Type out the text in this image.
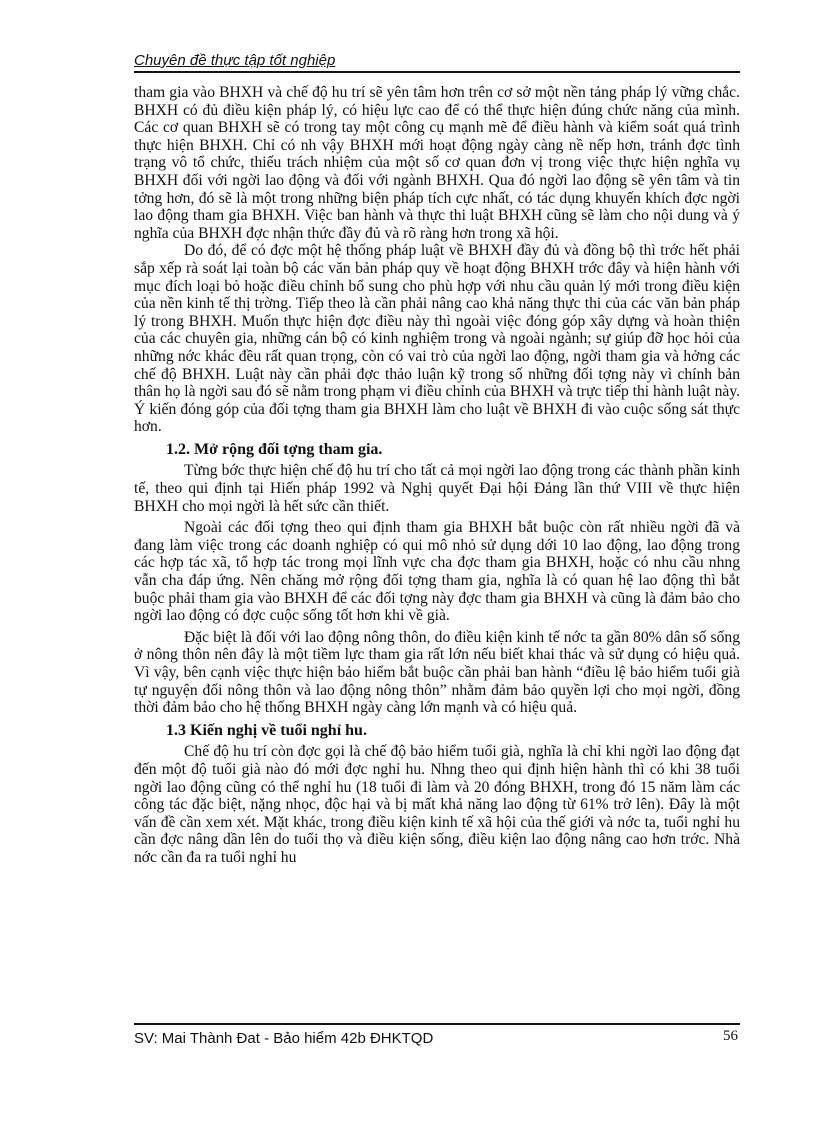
Chuyên đề thực tập tốt nghiệp

tham gia vào BHXH và chế độ hu trí sẽ yên tâm hơn trên cơ sở một nền tảng pháp lý vững chắc. BHXH có đủ điều kiện pháp lý, có hiệu lực cao để có thể thực hiện đúng chức năng của mình. Các cơ quan BHXH sẽ có trong tay một công cụ mạnh mẽ để điều hành và kiểm soát quá trình thực hiện BHXH. Chỉ có nh vậy BHXH mới hoạt động ngày càng nề nếp hơn, tránh đợc tình trạng vô tổ chức, thiếu trách nhiệm của một số cơ quan đơn vị trong việc thực hiện nghĩa vụ BHXH đối với ngời lao động và đối với ngành BHXH. Qua đó ngời lao động sẽ yên tâm và tin tởng hơn, đó sẽ là một trong những biện pháp tích cực nhất, có tác dụng khuyến khích đợc ngời lao động tham gia BHXH. Việc ban hành và thực thi luật BHXH cũng sẽ làm cho nội dung và ý nghĩa của BHXH đợc nhận thức đầy đủ và rõ ràng hơn trong xã hội.

Do đó, để có đợc một hệ thống pháp luật về BHXH đầy đủ và đồng bộ thì trớc hết phải sắp xếp rà soát lại toàn bộ các văn bản pháp quy về hoạt động BHXH trớc đây và hiện hành với mục đích loại bỏ hoặc điều chỉnh bổ sung cho phù hợp với nhu cầu quản lý mới trong điều kiện của nền kinh tế thị trờng. Tiếp theo là cần phải nâng cao khả năng thực thi của các văn bản pháp lý trong BHXH. Muốn thực hiện đợc điều này thì ngoài việc đóng góp xây dựng và hoàn thiện của các chuyên gia, những cán bộ có kinh nghiệm trong và ngoài ngành; sự giúp đỡ học hỏi của những nớc khác đều rất quan trọng, còn có vai trò của ngời lao động, ngời tham gia và hởng các chế độ BHXH. Luật này cần phải đợc thảo luận kỹ trong số những đối tợng này vì chính bản thân họ là ngời sau đó sẽ nằm trong phạm vi điều chỉnh của BHXH và trực tiếp thi hành luật này. Ý kiến đóng góp của đối tợng tham gia BHXH làm cho luật về BHXH đi vào cuộc sống sát thực hơn.

1.2. Mở rộng đối tợng tham gia.

Từng bớc thực hiện chế độ hu trí cho tất cả mọi ngời lao động trong các thành phần kinh tế, theo qui định tại Hiến pháp 1992 và Nghị quyết Đại hội Đảng lần thứ VIII về thực hiện BHXH cho mọi ngời là hết sức cần thiết.

Ngoài các đối tợng theo qui định tham gia BHXH bắt buộc còn rất nhiều ngời đã và đang làm việc trong các doanh nghiệp có qui mô nhỏ sử dụng dới 10 lao động, lao động trong các hợp tác xã, tổ hợp tác trong mọi lĩnh vực cha đợc tham gia BHXH, hoặc có nhu cầu nhng vẫn cha đáp ứng. Nên chăng mở rộng đối tợng tham gia, nghĩa là có quan hệ lao động thì bắt buộc phải tham gia vào BHXH để các đối tợng này đợc tham gia BHXH và cũng là đảm bảo cho ngời lao động có đợc cuộc sống tốt hơn khi về già.

Đặc biệt là đối với lao động nông thôn, do điều kiện kinh tế nớc ta gần 80% dân số sống ở nông thôn nên đây là một tiềm lực tham gia rất lớn nếu biết khai thác và sử dụng có hiệu quả. Vì vậy, bên cạnh việc thực hiện bảo hiểm bắt buộc cần phải ban hành “điều lệ bảo hiểm tuổi già tự nguyện đối nông thôn và lao động nông thôn” nhằm đảm bảo quyền lợi cho mọi ngời, đồng thời đảm bảo cho hệ thống BHXH ngày càng lớn mạnh và có hiệu quả.

1.3 Kiến nghị về tuổi nghỉ hu.

Chế độ hu trí còn đợc gọi là chế độ bảo hiểm tuổi già, nghĩa là chỉ khi ngời lao động đạt đến một độ tuổi già nào đó mới đợc nghỉ hu. Nhng theo qui định hiện hành thì có khi 38 tuổi ngời lao động cũng có thể nghỉ hu (18 tuổi đi làm và 20 đóng BHXH, trong đó 15 năm làm các công tác đặc biệt, nặng nhọc, độc hại và bị mất khả năng lao động từ 61% trở lên). Đây là một vấn đề cần xem xét. Mặt khác, trong điều kiện kinh tế xã hội của thế giới và nớc ta, tuổi nghỉ hu cần đợc nâng dần lên do tuổi thọ và điều kiện sống, điều kiện lao động nâng cao hơn trớc. Nhà nớc cần đa ra tuổi nghỉ hu

SV: Mai Thành Đat - Bảo hiểm 42b ĐHKTQD	56
